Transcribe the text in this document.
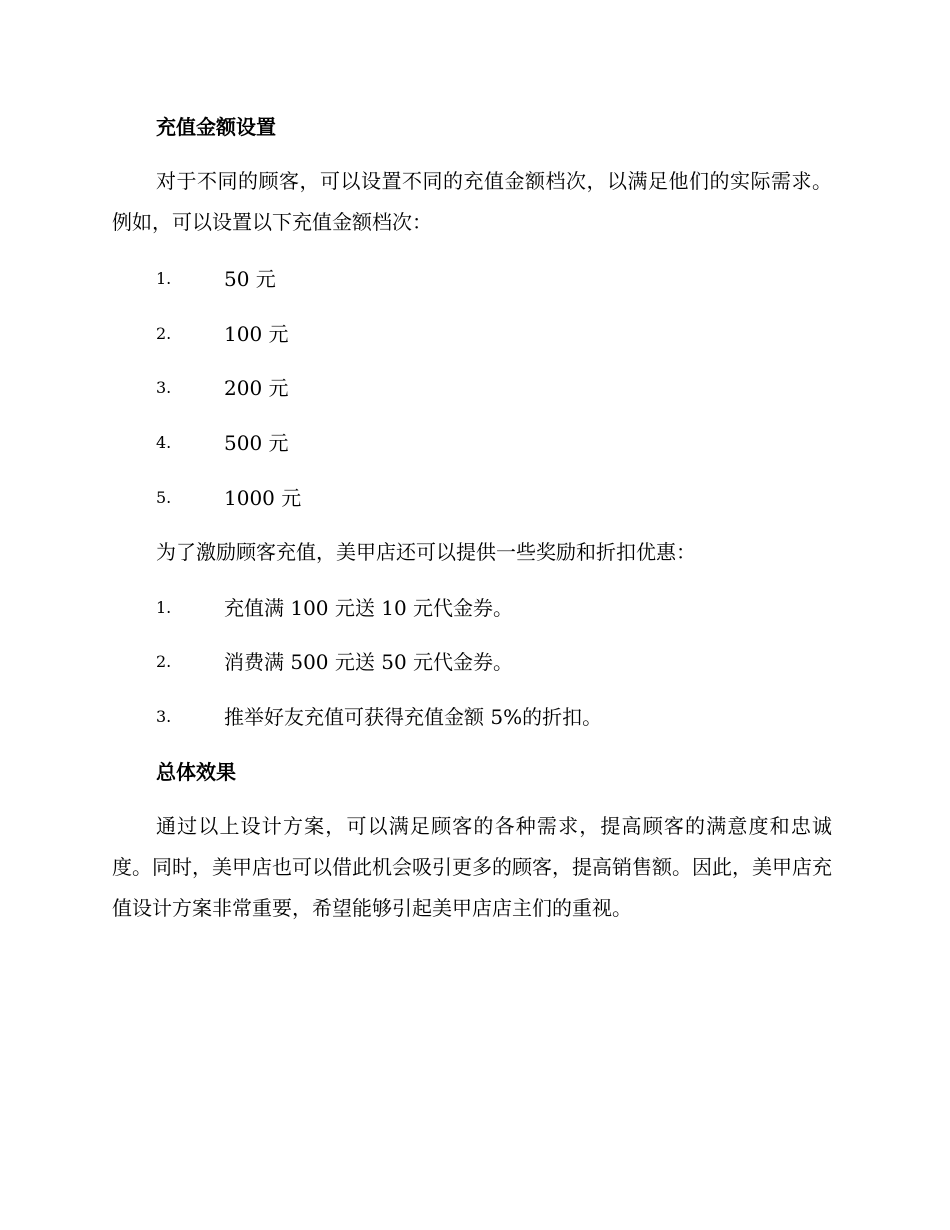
充值金额设置
对于不同的顾客，可以设置不同的充值金额档次，以满足他们的实际需求。例如，可以设置以下充值金额档次：
1.	50 元
2.	100 元
3.	200 元
4.	500 元
5.	1000 元
为了激励顾客充值，美甲店还可以提供一些奖励和折扣优惠：
1.	充值满 100 元送 10 元代金券。
2.	消费满 500 元送 50 元代金券。
3.	推举好友充值可获得充值金额 5%的折扣。
总体效果
通过以上设计方案，可以满足顾客的各种需求，提高顾客的满意度和忠诚度。同时，美甲店也可以借此机会吸引更多的顾客，提高销售额。因此，美甲店充值设计方案非常重要，希望能够引起美甲店店主们的重视。
